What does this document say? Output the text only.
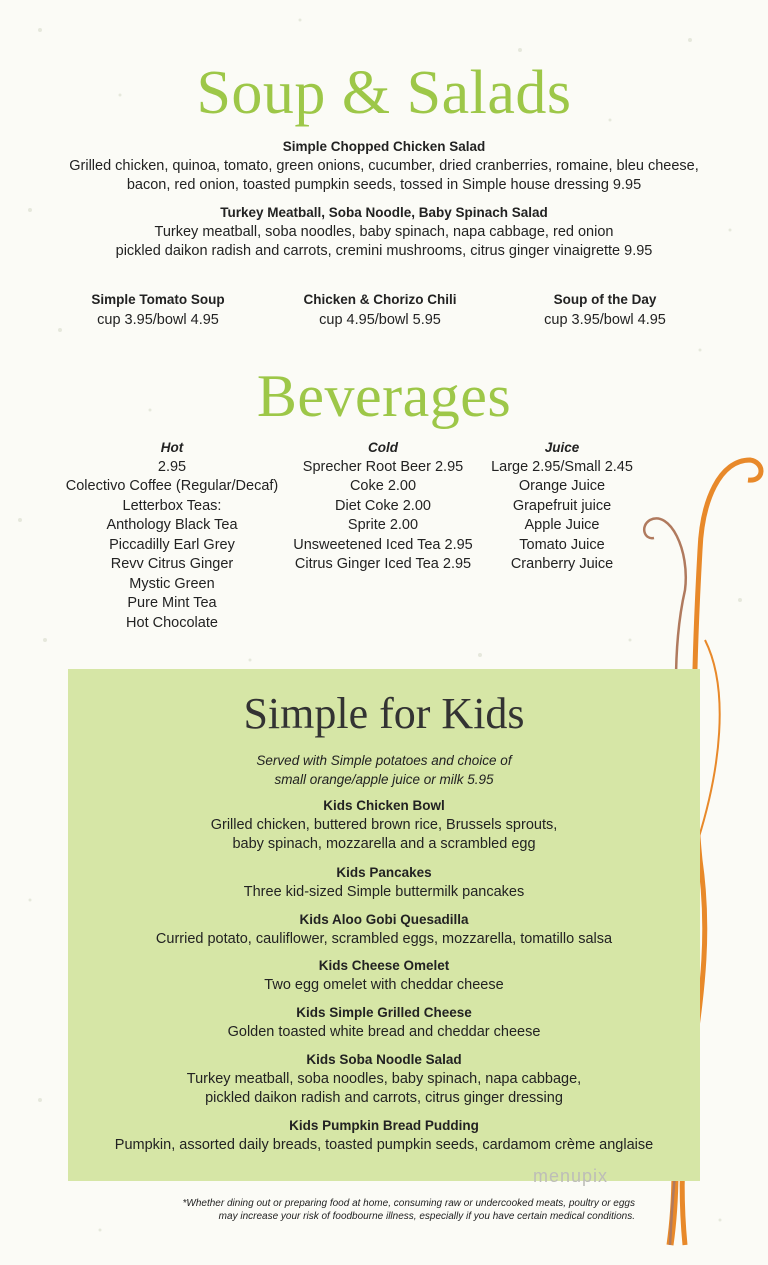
Soup & Salads
Simple Chopped Chicken Salad
Grilled chicken, quinoa, tomato, green onions, cucumber, dried cranberries, romaine, bleu cheese,
bacon, red onion, toasted pumpkin seeds, tossed in Simple house dressing 9.95
Turkey Meatball, Soba Noodle, Baby Spinach Salad
Turkey meatball, soba noodles, baby spinach, napa cabbage, red onion
pickled daikon radish and carrots, cremini mushrooms, citrus ginger vinaigrette 9.95
Simple Tomato Soup
cup 3.95/bowl 4.95
Chicken & Chorizo Chili
cup 4.95/bowl 5.95
Soup of the Day
cup 3.95/bowl 4.95
Beverages
Hot
2.95
Colectivo Coffee (Regular/Decaf)
Letterbox Teas:
Anthology Black Tea
Piccadilly Earl Grey
Revv Citrus Ginger
Mystic Green
Pure Mint Tea
Hot Chocolate
Cold
Sprecher Root Beer 2.95
Coke 2.00
Diet Coke 2.00
Sprite 2.00
Unsweetened Iced Tea 2.95
Citrus Ginger Iced Tea 2.95
Juice
Large 2.95/Small 2.45
Orange Juice
Grapefruit juice
Apple Juice
Tomato Juice
Cranberry Juice
Simple for Kids
Served with Simple potatoes and choice of
small orange/apple juice or milk 5.95
Kids Chicken Bowl
Grilled chicken, buttered brown rice, Brussels sprouts,
baby spinach, mozzarella and a scrambled egg
Kids Pancakes
Three kid-sized Simple buttermilk pancakes
Kids Aloo Gobi Quesadilla
Curried potato, cauliflower, scrambled eggs, mozzarella, tomatillo salsa
Kids Cheese Omelet
Two egg omelet with cheddar cheese
Kids Simple Grilled Cheese
Golden toasted white bread and cheddar cheese
Kids Soba Noodle Salad
Turkey meatball, soba noodles, baby spinach, napa cabbage,
pickled daikon radish and carrots, citrus ginger dressing
Kids Pumpkin Bread Pudding
Pumpkin, assorted daily breads, toasted pumpkin seeds, cardamom crème anglaise
menupix
*Whether dining out or preparing food at home, consuming raw or undercooked meats, poultry or eggs
may increase your risk of foodbourne illness, especially if you have certain medical conditions.
